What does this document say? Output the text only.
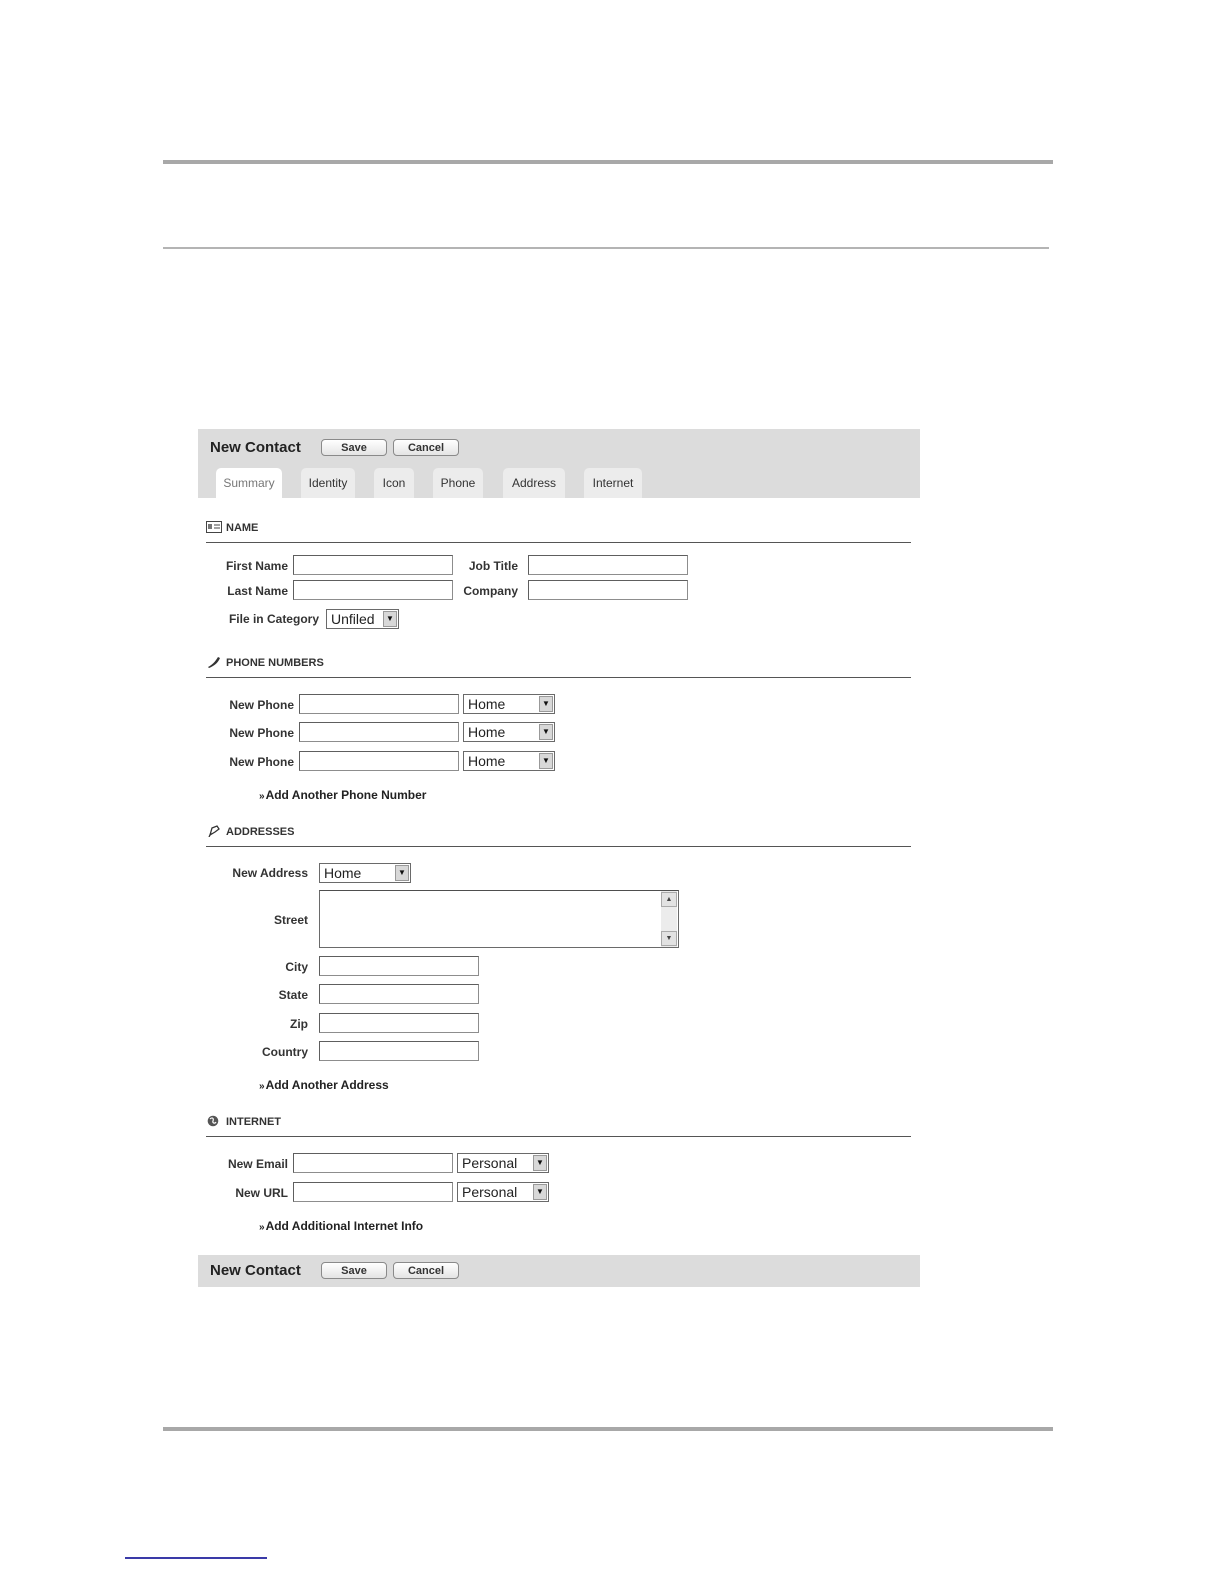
New Contact	Save	Cancel
Summary	Identity	Icon	Phone	Address	Internet
NAME
First Name	Job Title
Last Name	Company
File in Category Unfiled	▼
PHONE NUMBERS
New Phone	Home	▼
New Phone	Home	▼
New Phone	Home	▼
»Add Another Phone Number
ADDRESSES
New Address	Home	▼
Street
▲
▼
City
State
Zip
Country
»Add Another Address
INTERNET
New Email	Personal	▼
New URL	Personal	▼
»Add Additional Internet Info
New Contact	Save	Cancel
